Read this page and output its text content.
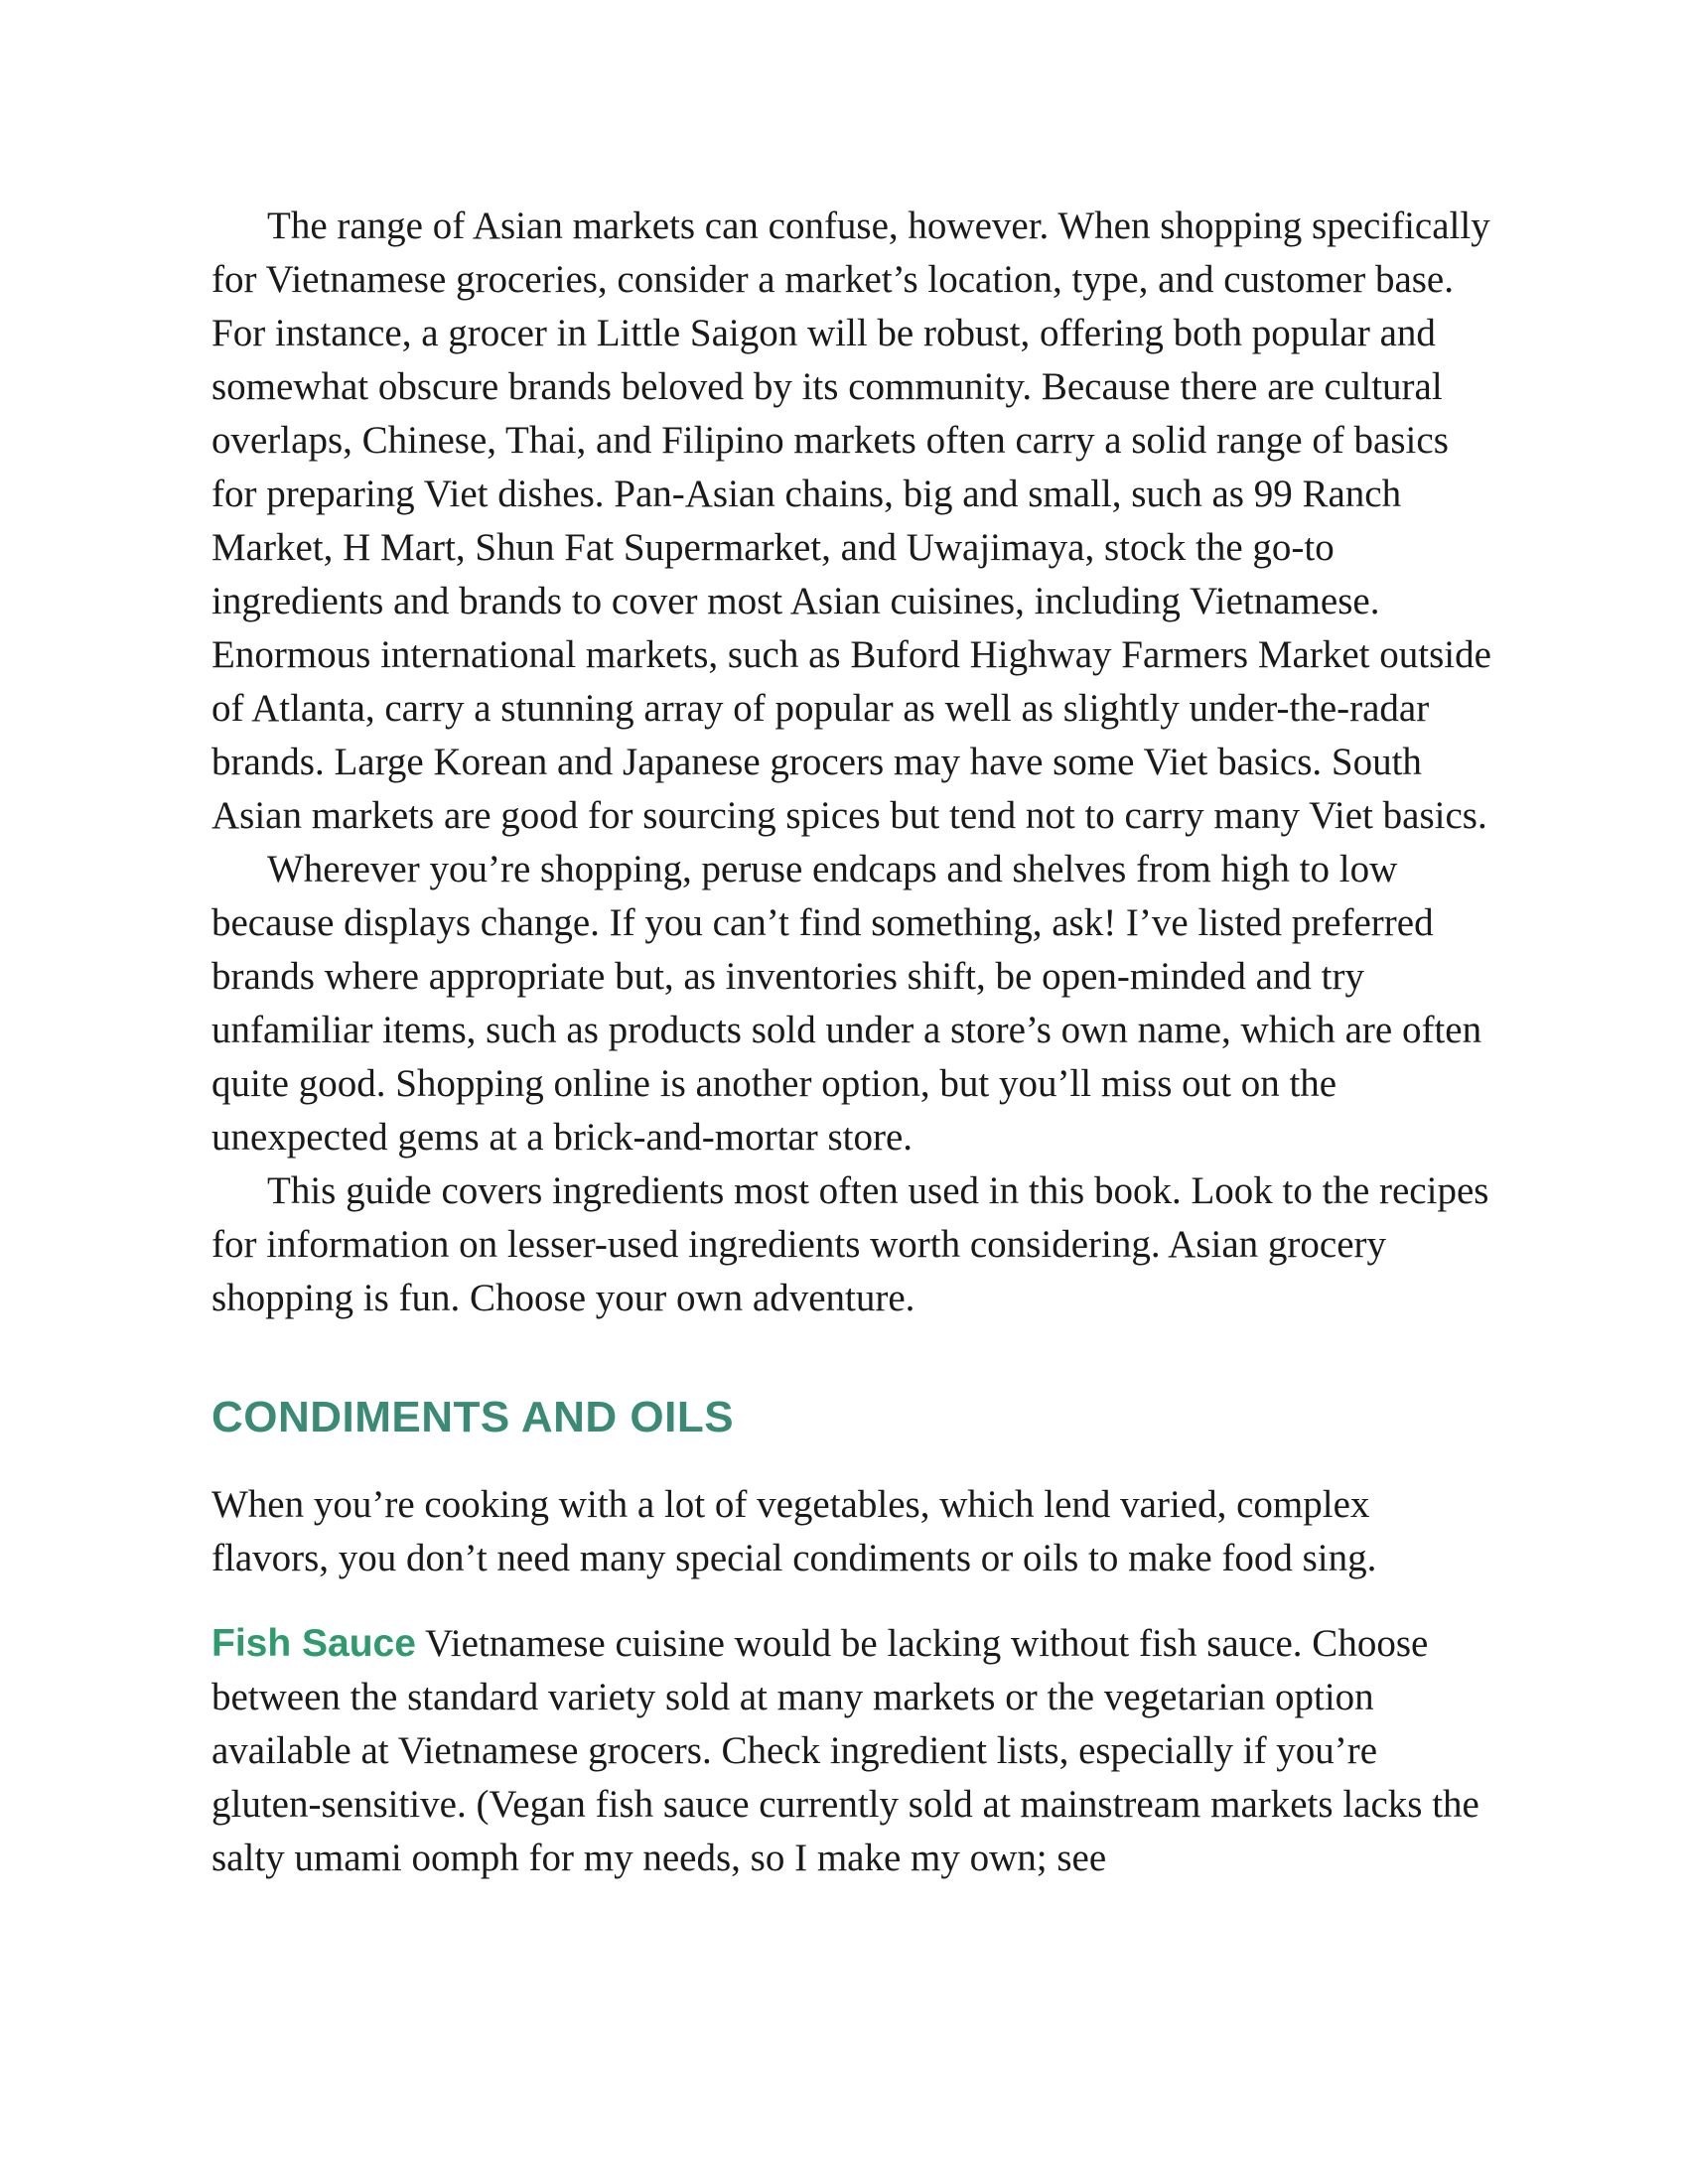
The range of Asian markets can confuse, however. When shopping specifically for Vietnamese groceries, consider a market’s location, type, and customer base. For instance, a grocer in Little Saigon will be robust, offering both popular and somewhat obscure brands beloved by its community. Because there are cultural overlaps, Chinese, Thai, and Filipino markets often carry a solid range of basics for preparing Viet dishes. Pan-Asian chains, big and small, such as 99 Ranch Market, H Mart, Shun Fat Supermarket, and Uwajimaya, stock the go-to ingredients and brands to cover most Asian cuisines, including Vietnamese. Enormous international markets, such as Buford Highway Farmers Market outside of Atlanta, carry a stunning array of popular as well as slightly under-the-radar brands. Large Korean and Japanese grocers may have some Viet basics. South Asian markets are good for sourcing spices but tend not to carry many Viet basics.

Wherever you’re shopping, peruse endcaps and shelves from high to low because displays change. If you can’t find something, ask! I’ve listed preferred brands where appropriate but, as inventories shift, be open-minded and try unfamiliar items, such as products sold under a store’s own name, which are often quite good. Shopping online is another option, but you’ll miss out on the unexpected gems at a brick-and-mortar store.

This guide covers ingredients most often used in this book. Look to the recipes for information on lesser-used ingredients worth considering. Asian grocery shopping is fun. Choose your own adventure.

CONDIMENTS AND OILS

When you’re cooking with a lot of vegetables, which lend varied, complex flavors, you don’t need many special condiments or oils to make food sing.

Fish Sauce Vietnamese cuisine would be lacking without fish sauce. Choose between the standard variety sold at many markets or the vegetarian option available at Vietnamese grocers. Check ingredient lists, especially if you’re gluten-sensitive. (Vegan fish sauce currently sold at mainstream markets lacks the salty umami oomph for my needs, so I make my own; see
